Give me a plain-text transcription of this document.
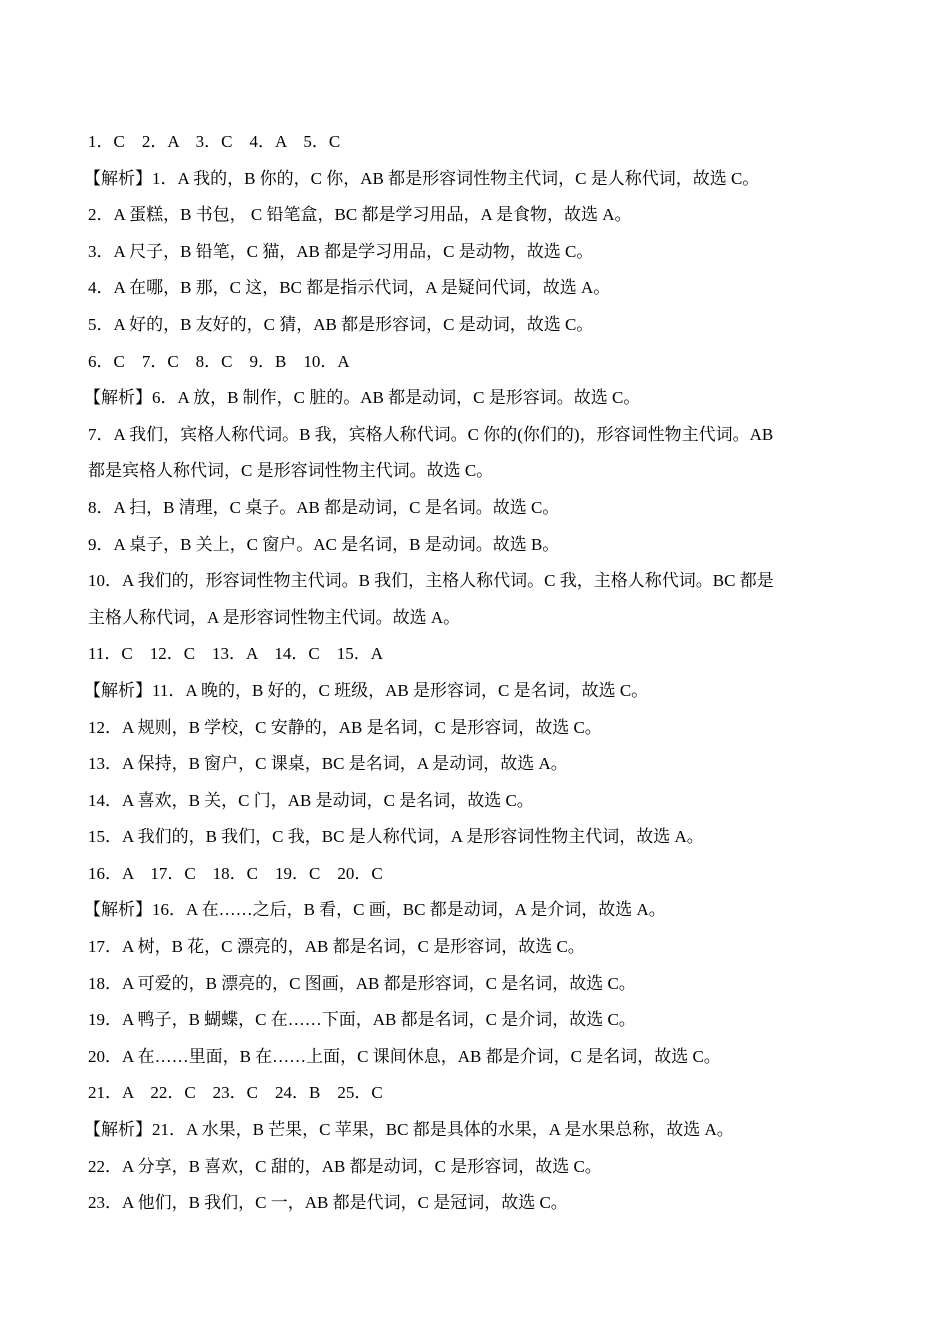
1．C　2．A　3．C　4．A　5．C
【解析】1．A 我的，B 你的，C 你，AB 都是形容词性物主代词，C 是人称代词，故选 C。
2．A 蛋糕，B 书包， C 铅笔盒，BC 都是学习用品，A 是食物，故选 A。
3．A 尺子，B 铅笔，C 猫，AB 都是学习用品，C 是动物，故选 C。
4．A 在哪，B 那，C 这，BC 都是指示代词，A 是疑问代词，故选 A。
5．A 好的，B 友好的，C 猜，AB 都是形容词，C 是动词，故选 C。
6．C　7．C　8．C　9．B　10．A
【解析】6．A 放，B 制作，C 脏的。AB 都是动词，C 是形容词。故选 C。
7．A 我们，宾格人称代词。B 我，宾格人称代词。C 你的(你们的)，形容词性物主代词。AB
都是宾格人称代词，C 是形容词性物主代词。故选 C。
8．A 扫，B 清理，C 桌子。AB 都是动词，C 是名词。故选 C。
9．A 桌子，B 关上，C 窗户。AC 是名词，B 是动词。故选 B。
10．A 我们的，形容词性物主代词。B 我们，主格人称代词。C 我，主格人称代词。BC 都是
主格人称代词，A 是形容词性物主代词。故选 A。
11．C　12．C　13．A　14．C　15．A
【解析】11．A 晚的，B 好的，C 班级，AB 是形容词，C 是名词，故选 C。
12．A 规则，B 学校，C 安静的，AB 是名词，C 是形容词，故选 C。
13．A 保持，B 窗户，C 课桌，BC 是名词，A 是动词，故选 A。
14．A 喜欢，B 关，C 门，AB 是动词，C 是名词，故选 C。
15．A 我们的，B 我们，C 我，BC 是人称代词，A 是形容词性物主代词，故选 A。
16．A　17．C　18．C　19．C　20．C
【解析】16．A 在……之后，B 看，C 画，BC 都是动词，A 是介词，故选 A。
17．A 树，B 花，C 漂亮的，AB 都是名词，C 是形容词，故选 C。
18．A 可爱的，B 漂亮的，C 图画，AB 都是形容词，C 是名词，故选 C。
19．A 鸭子，B 蝴蝶，C 在……下面，AB 都是名词，C 是介词，故选 C。
20．A 在……里面，B 在……上面，C 课间休息，AB 都是介词，C 是名词，故选 C。
21．A　22．C　23．C　24．B　25．C
【解析】21．A 水果，B 芒果，C 苹果，BC 都是具体的水果，A 是水果总称，故选 A。
22．A 分享，B 喜欢，C 甜的，AB 都是动词，C 是形容词，故选 C。
23．A 他们，B 我们，C 一，AB 都是代词，C 是冠词，故选 C。
